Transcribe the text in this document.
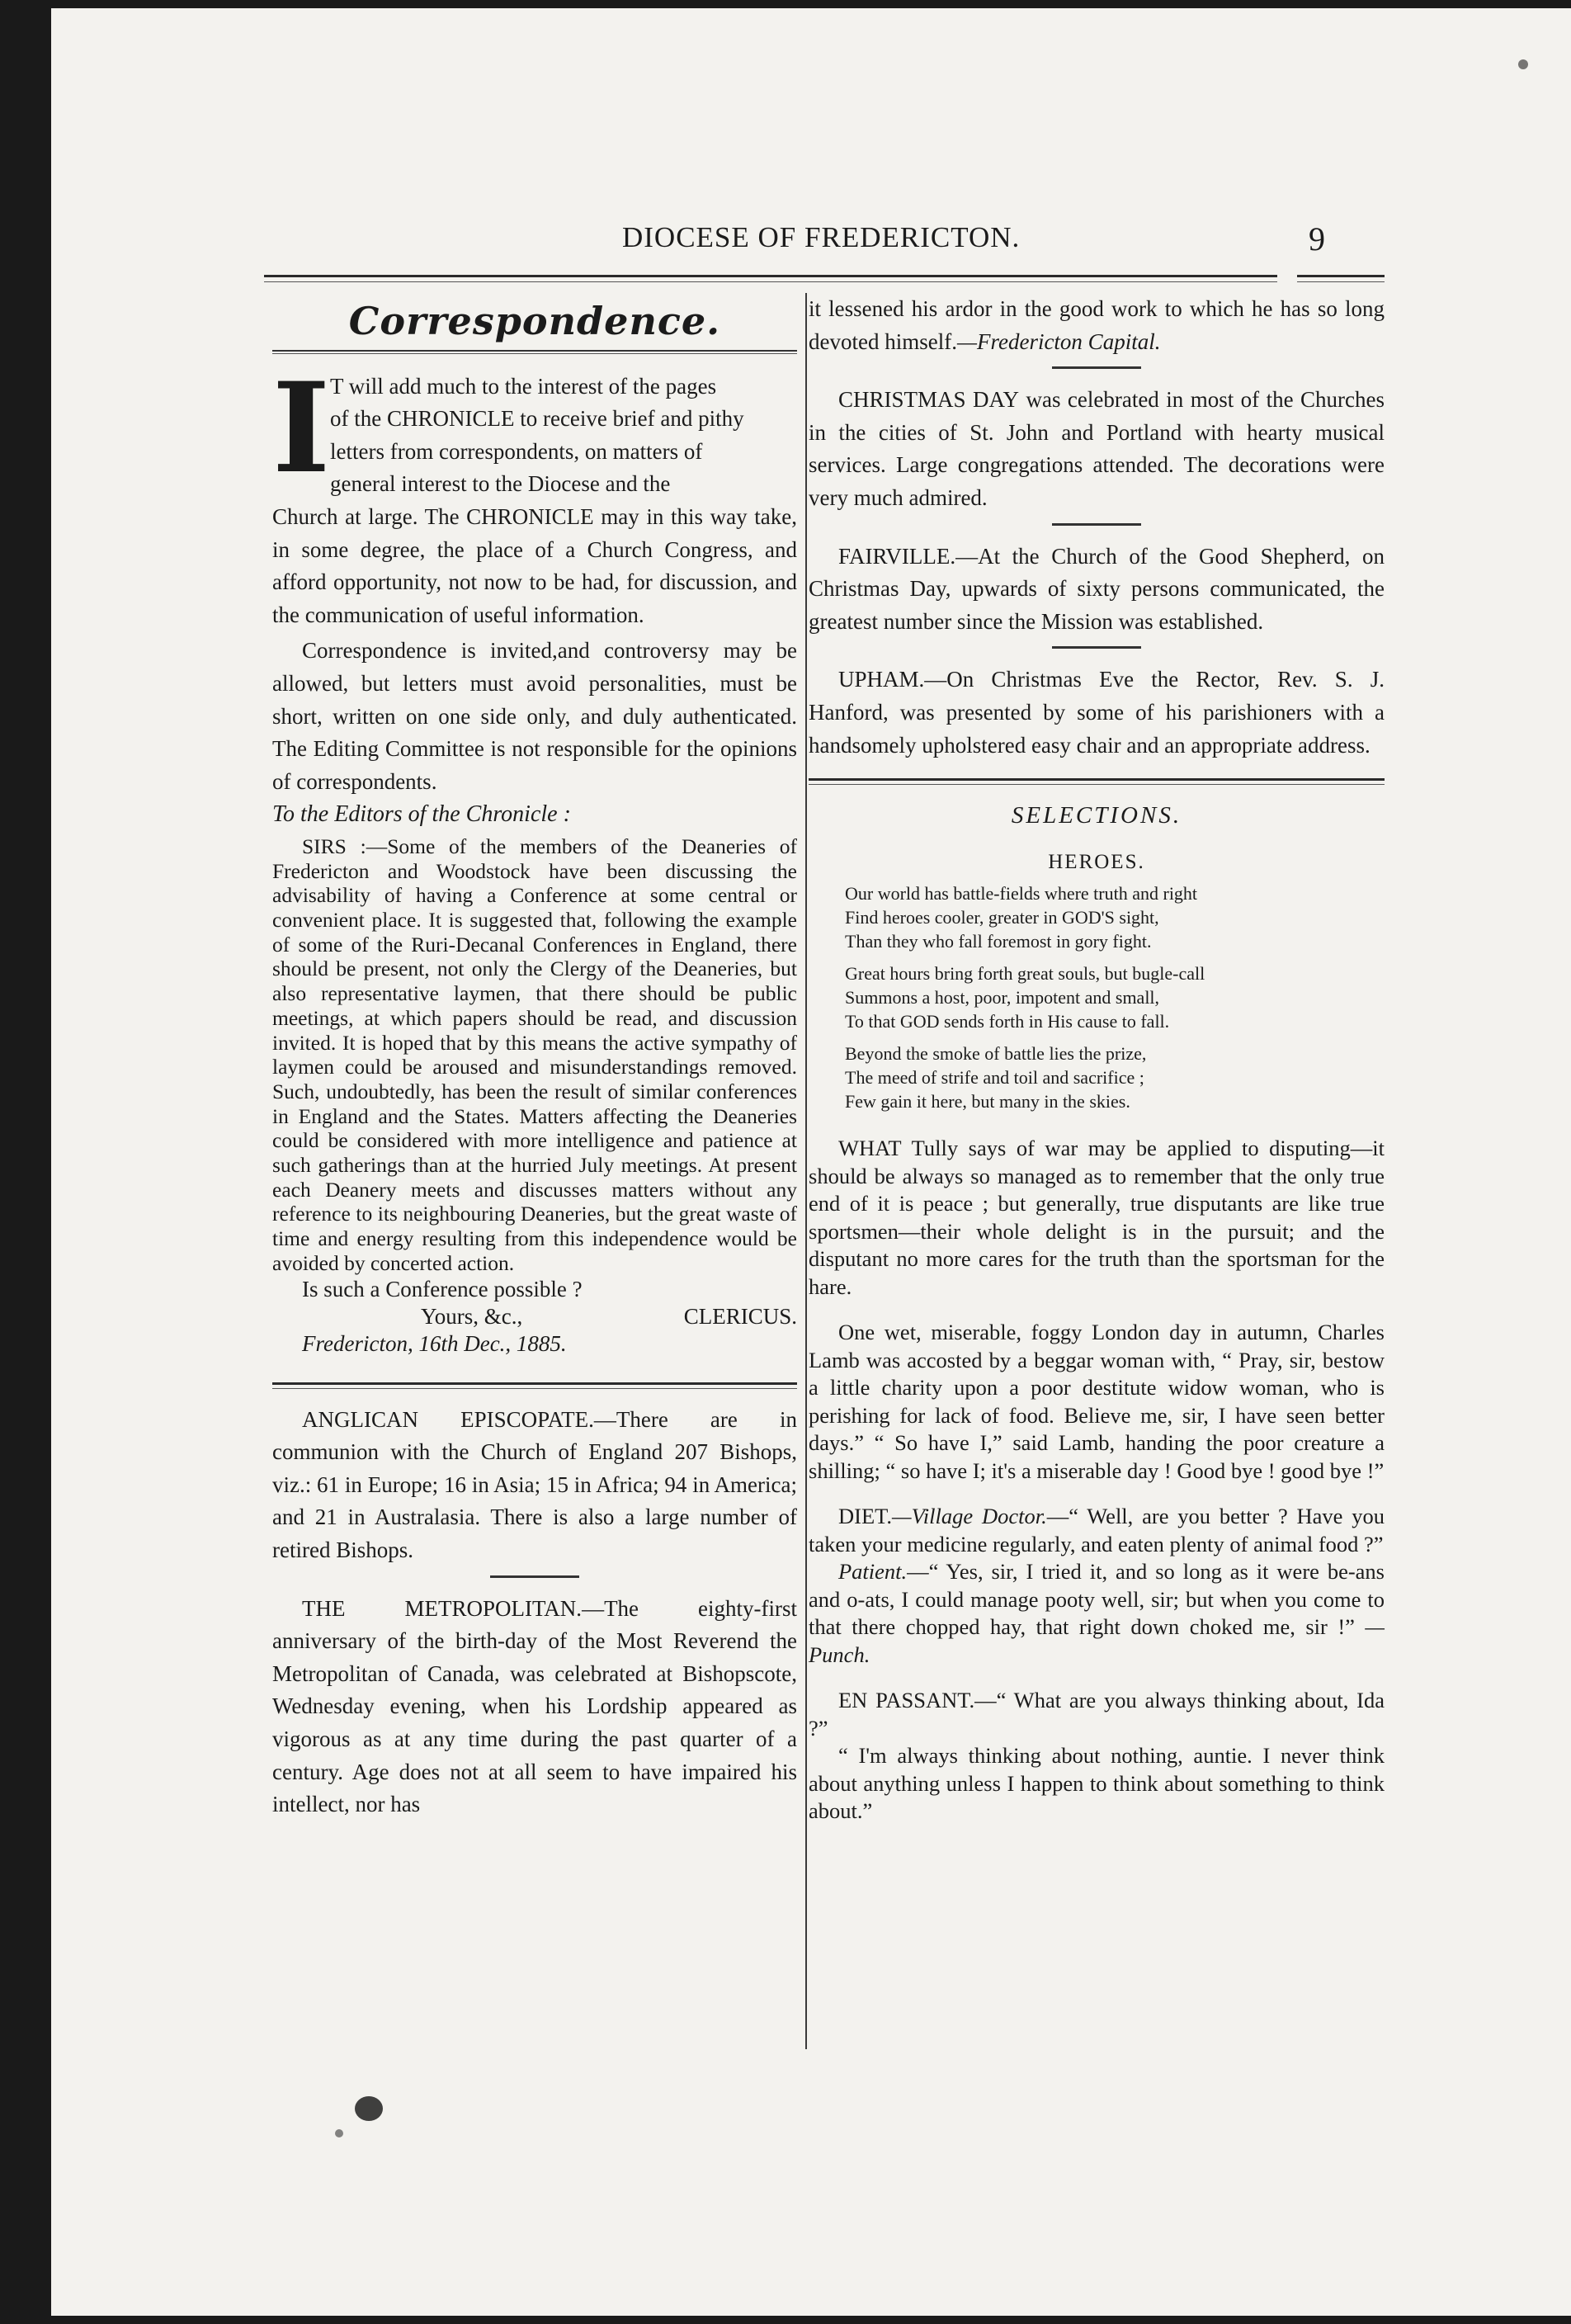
DIOCESE OF FREDERICTON.	9
Correspondence.
I T will add much to the interest of the pages
of the CHRONICLE to receive brief and pithy
letters from correspondents, on matters of
general interest to the Diocese and the
Church at large. The CHRONICLE may in this way take, in some degree, the place of a Church Congress, and afford opportunity, not now to be had, for discussion, and the communication of useful information.

Correspondence is invited,and controversy may be allowed, but letters must avoid personalities, must be short, written on one side only, and duly authenticated. The Editing Committee is not responsible for the opinions of correspondents.

To the Editors of the Chronicle :

SIRS :—Some of the members of the Deaneries of Fredericton and Woodstock have been discussing the advisability of having a Conference at some central or convenient place. It is suggested that, following the example of some of the Ruri-Decanal Conferences in England, there should be present, not only the Clergy of the Deaneries, but also representative laymen, that there should be public meetings, at which papers should be read, and discussion invited. It is hoped that by this means the active sympathy of laymen could be aroused and misunderstandings removed. Such, undoubtedly, has been the result of similar conferences in England and the States. Matters affecting the Deaneries could be considered with more intelligence and patience at such gatherings than at the hurried July meetings. At present each Deanery meets and discusses matters without any reference to its neighbouring Deaneries, but the great waste of time and energy resulting from this independence would be avoided by concerted action.

Is such a Conference possible ?
Yours, &c.,	CLERICUS.
Fredericton, 16th Dec., 1885.

ANGLICAN EPISCOPATE.—There are in communion with the Church of England 207 Bishops, viz.: 61 in Europe; 16 in Asia; 15 in Africa; 94 in America; and 21 in Australasia. There is also a large number of retired Bishops.

THE METROPOLITAN.—The eighty-first anniversary of the birth-day of the Most Reverend the Metropolitan of Canada, was celebrated at Bishopscote, Wednesday evening, when his Lordship appeared as vigorous as at any time during the past quarter of a century. Age does not at all seem to have impaired his intellect, nor has

it lessened his ardor in the good work to which he has so long devoted himself.—Fredericton Capital.

CHRISTMAS DAY was celebrated in most of the Churches in the cities of St. John and Portland with hearty musical services. Large congregations attended. The decorations were very much admired.

FAIRVILLE.—At the Church of the Good Shepherd, on Christmas Day, upwards of sixty persons communicated, the greatest number since the Mission was established.

UPHAM.—On Christmas Eve the Rector, Rev. S. J. Hanford, was presented by some of his parishioners with a handsomely upholstered easy chair and an appropriate address.

SELECTIONS.
HEROES.
Our world has battle-fields where truth and right
Find heroes cooler, greater in GOD'S sight,
Than they who fall foremost in gory fight.
Great hours bring forth great souls, but bugle-call
Summons a host, poor, impotent and small,
To that GOD sends forth in His cause to fall.
Beyond the smoke of battle lies the prize,
The meed of strife and toil and sacrifice ;
Few gain it here, but many in the skies.

WHAT Tully says of war may be applied to disputing—it should be always so managed as to remember that the only true end of it is peace ; but generally, true disputants are like true sportsmen—their whole delight is in the pursuit; and the disputant no more cares for the truth than the sportsman for the hare.

One wet, miserable, foggy London day in autumn, Charles Lamb was accosted by a beggar woman with, “ Pray, sir, bestow a little charity upon a poor destitute widow woman, who is perishing for lack of food. Believe me, sir, I have seen better days.” “ So have I,” said Lamb, handing the poor creature a shilling; “ so have I; it's a miserable day ! Good bye ! good bye !”

DIET.—Village Doctor.—“ Well, are you better ? Have you taken your medicine regularly, and eaten plenty of animal food ?”

Patient.—“ Yes, sir, I tried it, and so long as it were be-ans and o-ats, I could manage pooty well, sir; but when you come to that there chopped hay, that right down choked me, sir !” —Punch.

EN PASSANT.—“ What are you always thinking about, Ida ?”

“ I'm always thinking about nothing, auntie. I never think about anything unless I happen to think about something to think about.”
